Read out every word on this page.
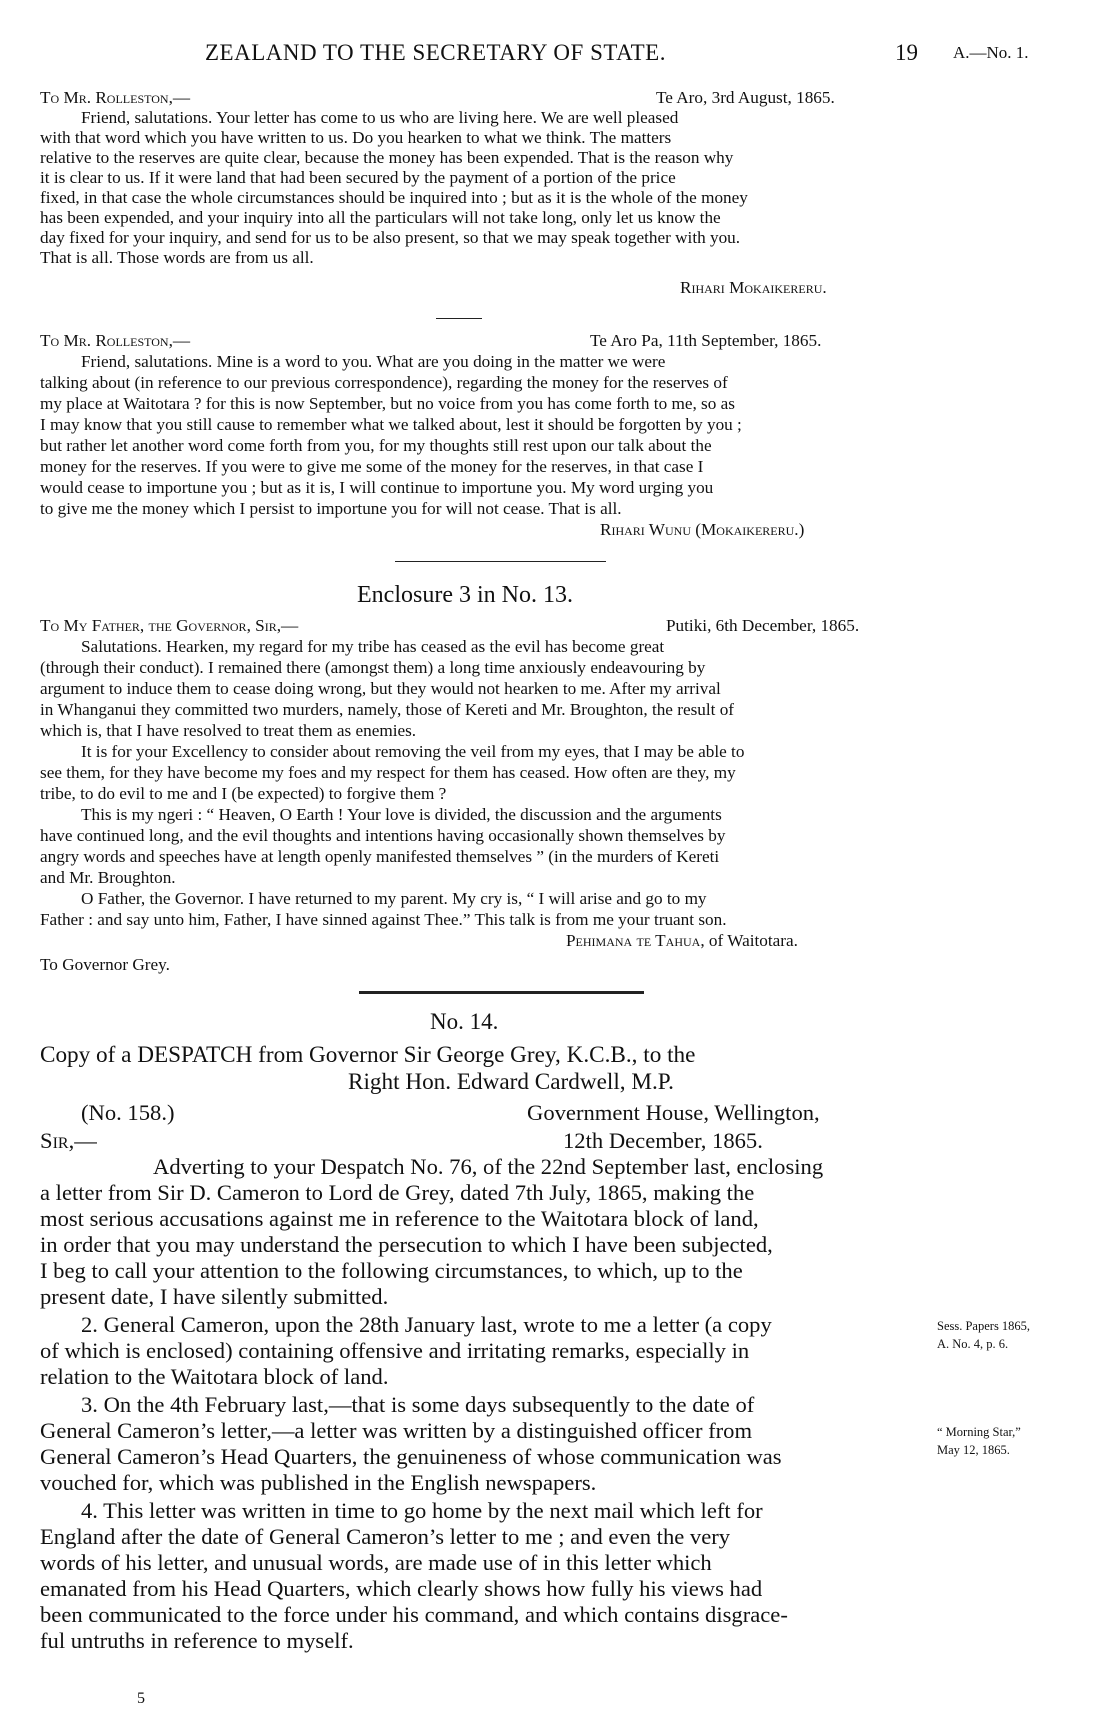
ZEALAND TO THE SECRETARY OF STATE.	19 A.—No. 1.
To Mr. Rolleston,—	Te Aro, 3rd August, 1865.
Friend, salutations. Your letter has come to us who are living here. We are well pleased
with that word which you have written to us. Do you hearken to what we think. The matters
relative to the reserves are quite clear, because the money has been expended. That is the reason why
it is clear to us. If it were land that had been secured by the payment of a portion of the price
fixed, in that case the whole circumstances should be inquired into ; but as it is the whole of the money
has been expended, and your inquiry into all the particulars will not take long, only let us know the
day fixed for your inquiry, and send for us to be also present, so that we may speak together with you.
That is all. Those words are from us all.
Rihari Mokaikereru.
To Mr. Rolleston,—	Te Aro Pa, 11th September, 1865.
Friend, salutations. Mine is a word to you. What are you doing in the matter we were
talking about (in reference to our previous correspondence), regarding the money for the reserves of
my place at Waitotara ? for this is now September, but no voice from you has come forth to me, so as
I may know that you still cause to remember what we talked about, lest it should be forgotten by you ;
but rather let another word come forth from you, for my thoughts still rest upon our talk about the
money for the reserves. If you were to give me some of the money for the reserves, in that case I
would cease to importune you ; but as it is, I will continue to importune you. My word urging you
to give me the money which I persist to importune you for will not cease. That is all.
Rihari Wunu (Mokaikereru.)
Enclosure 3 in No. 13.
To My Father, the Governor, Sir,—	Putiki, 6th December, 1865.
Salutations. Hearken, my regard for my tribe has ceased as the evil has become great
(through their conduct). I remained there (amongst them) a long time anxiously endeavouring by
argument to induce them to cease doing wrong, but they would not hearken to me. After my arrival
in Whanganui they committed two murders, namely, those of Kereti and Mr. Broughton, the result of
which is, that I have resolved to treat them as enemies.
It is for your Excellency to consider about removing the veil from my eyes, that I may be able to
see them, for they have become my foes and my respect for them has ceased. How often are they, my
tribe, to do evil to me and I (be expected) to forgive them ?
This is my ngeri : “ Heaven, O Earth ! Your love is divided, the discussion and the arguments
have continued long, and the evil thoughts and intentions having occasionally shown themselves by
angry words and speeches have at length openly manifested themselves ” (in the murders of Kereti
and Mr. Broughton.
O Father, the Governor. I have returned to my parent. My cry is, “ I will arise and go to my
Father : and say unto him, Father, I have sinned against Thee.” This talk is from me your truant son.
Pehimana te Tahua, of Waitotara.
To Governor Grey.
No. 14.
Copy of a DESPATCH from Governor Sir George Grey, K.C.B., to the
Right Hon. Edward Cardwell, M.P.
(No. 158.)	Government House, Wellington,
Sir,—	12th December, 1865.
Adverting to your Despatch No. 76, of the 22nd September last, enclosing
a letter from Sir D. Cameron to Lord de Grey, dated 7th July, 1865, making the
most serious accusations against me in reference to the Waitotara block of land,
in order that you may understand the persecution to which I have been subjected,
I beg to call your attention to the following circumstances, to which, up to the
present date, I have silently submitted.
2. General Cameron, upon the 28th January last, wrote to me a letter (a copy
of which is enclosed) containing offensive and irritating remarks, especially in
relation to the Waitotara block of land.
3. On the 4th February last,—that is some days subsequently to the date of
General Cameron’s letter,—a letter was written by a distinguished officer from
General Cameron’s Head Quarters, the genuineness of whose communication was
vouched for, which was published in the English newspapers.
4. This letter was written in time to go home by the next mail which left for
England after the date of General Cameron’s letter to me ; and even the very
words of his letter, and unusual words, are made use of in this letter which
emanated from his Head Quarters, which clearly shows how fully his views had
been communicated to the force under his command, and which contains disgrace-
ful untruths in reference to myself.
Sess. Papers 1865,
A. No. 4, p. 6.
“ Morning Star,”
May 12, 1865.
5
